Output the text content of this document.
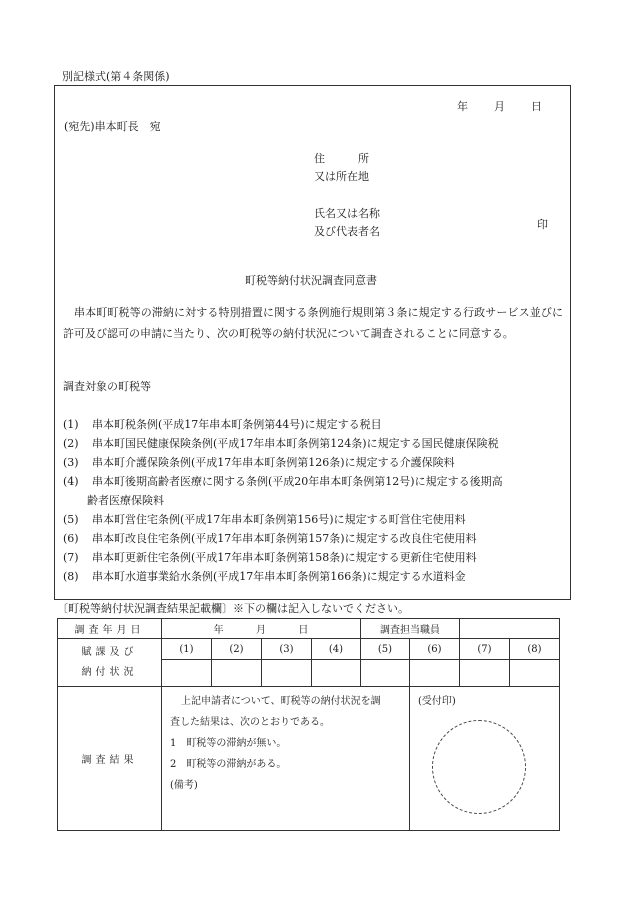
別記様式(第４条関係)
年 月 日
(宛先)串本町長　宛
住　　　所
又は所在地
氏名又は名称
及び代表者名
印
町税等納付状況調査同意書
串本町町税等の滞納に対する特別措置に関する条例施行規則第３条に規定する行政サービス並びに許可及び認可の申請に当たり、次の町税等の納付状況について調査されることに同意する。
調査対象の町税等
(1) 串本町税条例(平成17年串本町条例第44号)に規定する税目
(2) 串本町国民健康保険条例(平成17年串本町条例第124条)に規定する国民健康保険税
(3) 串本町介護保険条例(平成17年串本町条例第126条)に規定する介護保険料
(4) 串本町後期高齢者医療に関する条例(平成20年串本町条例第12号)に規定する後期高
齢者医療保険料
(5) 串本町営住宅条例(平成17年串本町条例第156号)に規定する町営住宅使用料
(6) 串本町改良住宅条例(平成17年串本町条例第157条)に規定する改良住宅使用料
(7) 串本町更新住宅条例(平成17年串本町条例第158条)に規定する更新住宅使用料
(8) 串本町水道事業給水条例(平成17年串本町条例第166条)に規定する水道料金
〔町税等納付状況調査結果記載欄〕※下の欄は記入しないでください。
調査年月日	年 月 日				調査担当職員			

賦課及び
納付状況	(1)	(2)	(3)	(4)	(5)	(6)	(7)	(8)

調査結果	上記申請者について、町税等の納付状況を調
査した結果は、次のとおりである。
1　町税等の滞納が無い。
2　町税等の滞納がある。
(備考)					(受付印)		
